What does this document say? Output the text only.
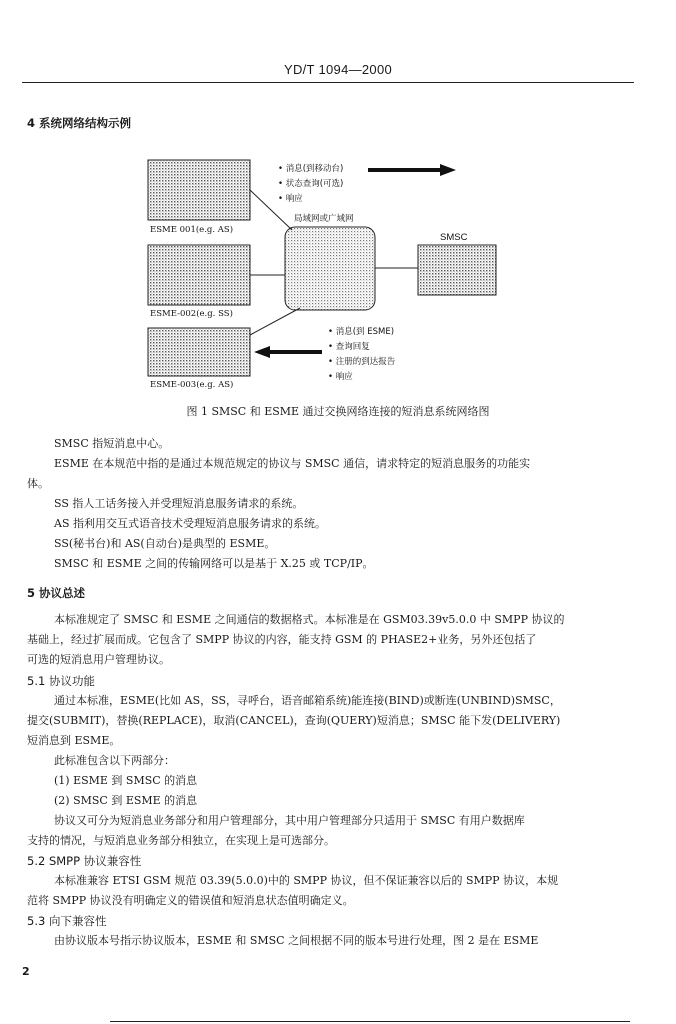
YD/T 1094—2000
4 系统网络结构示例
ESME 001(e.g. AS)
ESME-002(e.g. SS)
ESME-003(e.g. AS)
局域网或广域网
SMSC
• 消息(到移动台)
• 状态查询(可选)
• 响应
• 消息(到 ESME)
• 查询回复
• 注册的到达报告
• 响应
图 1 SMSC 和 ESME 通过交换网络连接的短消息系统网络图
SMSC 指短消息中心。
ESME 在本规范中指的是通过本规范规定的协议与 SMSC 通信，请求特定的短消息服务的功能实
体。
SS 指人工话务接入并受理短消息服务请求的系统。
AS 指利用交互式语音技术受理短消息服务请求的系统。
SS(秘书台)和 AS(自动台)是典型的 ESME。
SMSC 和 ESME 之间的传输网络可以是基于 X.25 或 TCP/IP。
5 协议总述
本标准规定了 SMSC 和 ESME 之间通信的数据格式。本标准是在 GSM03.39v5.0.0 中 SMPP 协议的
基础上，经过扩展而成。它包含了 SMPP 协议的内容，能支持 GSM 的 PHASE2+业务，另外还包括了
可选的短消息用户管理协议。
5.1 协议功能
通过本标准，ESME(比如 AS，SS，寻呼台，语音邮箱系统)能连接(BIND)或断连(UNBIND)SMSC，
提交(SUBMIT)，替换(REPLACE)，取消(CANCEL)，查询(QUERY)短消息；SMSC 能下发(DELIVERY)
短消息到 ESME。
此标准包含以下两部分：
(1) ESME 到 SMSC 的消息
(2) SMSC 到 ESME 的消息
协议又可分为短消息业务部分和用户管理部分，其中用户管理部分只适用于 SMSC 有用户数据库
支持的情况，与短消息业务部分相独立，在实现上是可选部分。
5.2 SMPP 协议兼容性
本标准兼容 ETSI GSM 规范 03.39(5.0.0)中的 SMPP 协议，但不保证兼容以后的 SMPP 协议，本规
范将 SMPP 协议没有明确定义的错误值和短消息状态值明确定义。
5.3 向下兼容性
由协议版本号指示协议版本，ESME 和 SMSC 之间根据不同的版本号进行处理，图 2 是在 ESME
2
